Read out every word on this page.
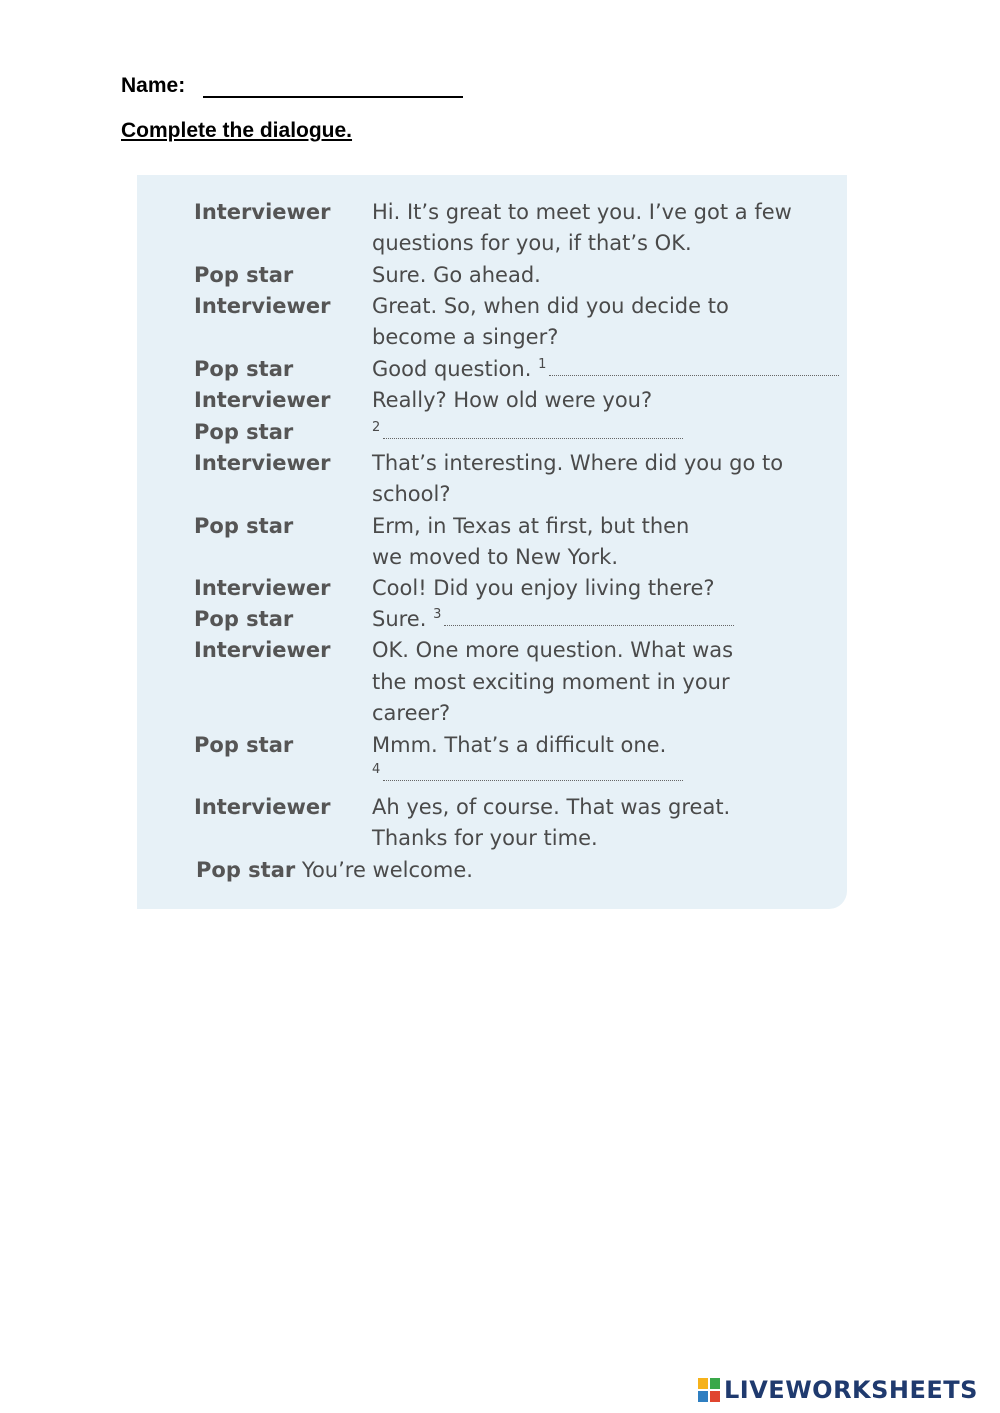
Name:
Complete the dialogue.
Interviewer Hi. It’s great to meet you. I’ve got a few
questions for you, if that’s OK.
Pop star	Sure. Go ahead.
Interviewer Great. So, when did you decide to
become a singer?
Pop star	Good question. $^1$
Interviewer Really? How old were you?
Pop star	$^2$
Interviewer That’s interesting. Where did you go to
school?
Pop star	Erm, in Texas at first, but then
we moved to New York.
Interviewer Cool! Did you enjoy living there?
Pop star	Sure. $^3$
Interviewer OK. One more question. What was
the most exciting moment in your
career?
Pop star	Mmm. That’s a difficult one.
$^4$
Interviewer Ah yes, of course. That was great.
Thanks for your time.
Pop star You’re welcome.
LIVEWORKSHEETS
